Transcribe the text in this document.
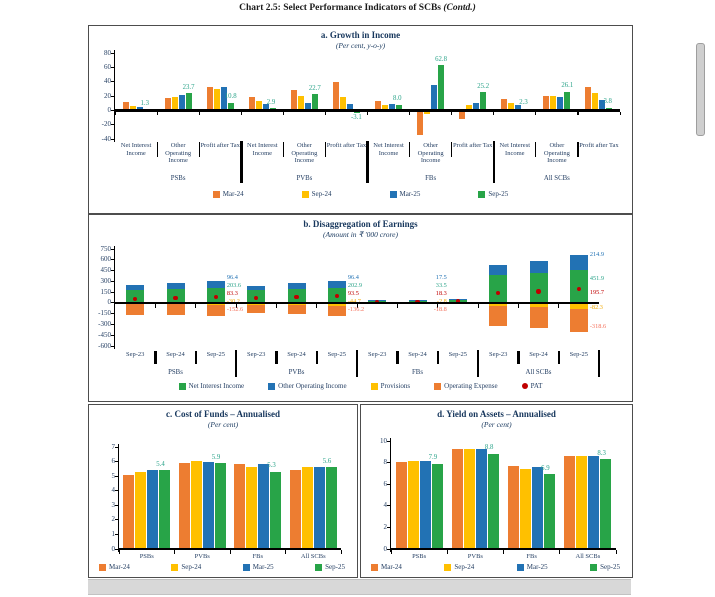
Chart 2.5: Select Performance Indicators of SCBs (Contd.)
a. Growth in Income
(Per cent, y-o-y)
80
60
40
20
0
-20
-40
1.3
23.7
10.8
2.9
22.7
-3.1
8.0
62.8
25.2
2.3
26.1
3.8
Net Interest Income
Other Operating Income
Profit after Tax
PSBs
Net Interest Income
Other Operating Income
Profit after Tax
PVBs
Net Interest Income
Other Operating Income
Profit after Tax
FBs
Net Interest Income
Other Operating Income
Profit after Tax
All SCBs
Mar-24	Sep-24	Mar-25	Sep-25
b. Disaggregation of Earnings
(Amount in ₹ '000 crore)
750
600
450
300
150
0
-150
-300
-450
-600
Sep-23	Sep-24
96.4
203.6
83.3
-152.6
Sep-25
PSBs
Sep-23	Sep-24
96.4
202.9
93.5
-136.2
Sep-25
PVBs
Sep-23	Sep-24
17.5
33.5
18.3
-18.8
Sep-25
FBs
Sep-23	Sep-24
214.9
451.9
195.7
-82.3
-318.6
Sep-25
All SCBs
Net Interest Income	Other Operating Income	Provisions	Operating Expense	PAT
c. Cost of Funds – Annualised
(Per cent)
7
6
5
4
3
2
1
0
5.4
5.9
5.3
5.6
PSBs	PVBs	FBs	All SCBs
Mar-24	Sep-24	Mar-25	Sep-25
d. Yield on Assets – Annualised
(Per cent)
10
8
6
4
2
0
7.9
8.8
6.9
8.3
PSBs	PVBs	FBs	All SCBs
Mar-24	Sep-24	Mar-25	Sep-25
